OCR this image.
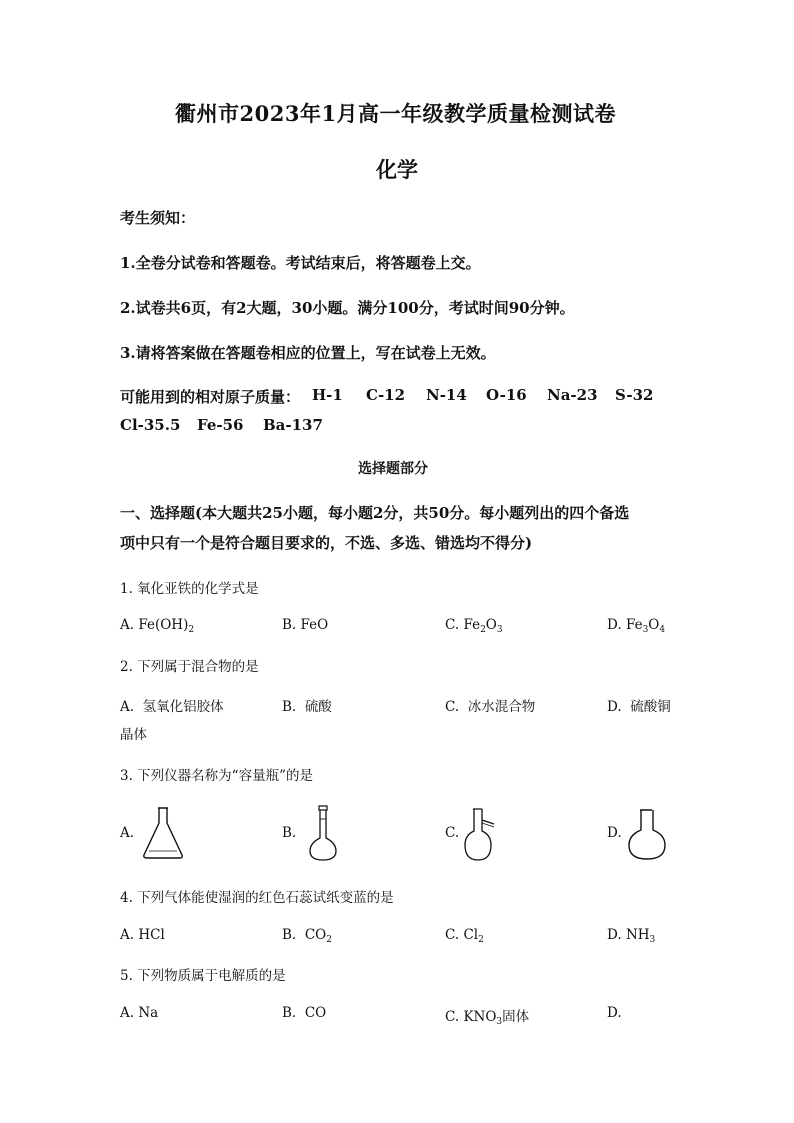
衢州市2023年1月高一年级教学质量检测试卷
化学
考生须知：
1.全卷分试卷和答题卷。考试结束后，将答题卷上交。
2.试卷共6页，有2大题，30小题。满分100分，考试时间90分钟。
3.请将答案做在答题卷相应的位置上，写在试卷上无效。
可能用到的相对原子质量： H-1 C-12 N-14 O-16 Na-23 S-32
Cl-35.5 Fe-56 Ba-137
选择题部分
一、选择题(本大题共25小题，每小题2分，共50分。每小题列出的四个备选
项中只有一个是符合题目要求的，不选、多选、错选均不得分)
1. 氧化亚铁的化学式是
A. $Fe(OH)_2$	B. FeO	C. $Fe_2O_3$	D. $Fe_3O_4$
2. 下列属于混合物的是
A. 氢氧化铝胶体	B. 硫酸	C. 冰水混合物	D. 硫酸铜
晶体
3. 下列仪器名称为“容量瓶”的是
A.	B.	C.	D.
4. 下列气体能使湿润的红色石蕊试纸变蓝的是
A. HCl	B. $CO_2$	C. $Cl_2$	D. $NH_3$
5. 下列物质属于电解质的是
A. Na	B. CO	C. $KNO_3$固体	D.
